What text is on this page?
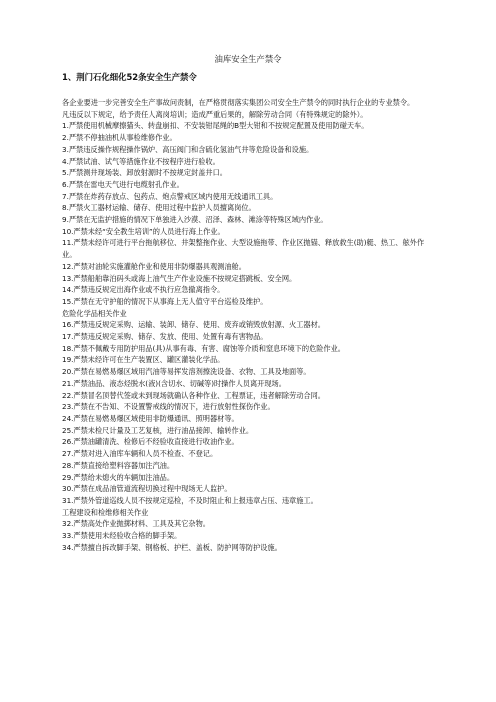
油库安全生产禁令
1、荆门石化细化52条安全生产禁令

各企业要进一步完善安全生产事故问责制，在严格贯彻落实集团公司安全生产禁令的同时执行企业的专业禁令。

凡违反以下规定，给予责任人离岗培训；造成严重后果的，解除劳动合同（有特殊规定的除外）。

1.严禁使用机械摩擦猫头、转盘崩扣、不安装钳尾绳的B型大钳和不按规定配置及使用防碰天车。

2.严禁不停抽油机从事检维修作业。

3.严禁违反操作规程操作锅炉、高压阀门和含硫化氢油气井等危险设备和设施。

4.严禁试油、试气等措施作业不按程序进行验收。

5.严禁测井现场装、卸放射源时不按规定封盖井口。

6.严禁在雷电天气进行电缆射孔作业。

7.严禁在炸药存放点、包药点、炮点警戒区域内使用无线通讯工具。

8.严禁火工器材运输、储存、使用过程中监护人员擅离岗位。

9.严禁在无监护措施的情况下单独进入沙漠、沼泽、森林、滩涂等特殊区域内作业。

10.严禁未经“安全教生培训”的人员进行海上作业。

11.严禁未经许可进行平台拖航移位、井架整拖作业、大型设施拖带、作业区抛锚、释放救生(助)艇、热工、舷外作业。

12.严禁对油轮实施灌舱作业和使用非防爆器具观测油舱。

13.严禁船舶靠泊码头或海上油气生产作业设施不按规定搭跳板、安全网。

14.严禁违反规定出海作业或不执行应急撤离指令。

15.严禁在无守护船的情况下从事海上无人值守平台巡检及维护。

危险化学品相关作业

16.严禁违反规定采购、运输、装卸、储存、使用、废弃或销毁放射源、火工器材。

17.严禁违反规定采购、储存、发放、使用、处置有毒有害物品。

18.严禁不佩戴专用防护用品(具)从事有毒、有害、腐蚀等介质和窒息环境下的危险作业。

19.严禁未经许可在生产装置区、罐区灌装化学品。

20.严禁在易燃易爆区域用汽油等易挥发溶剂擦洗设备、衣物、工具及地面等。

21.严禁油品、液态烃脱水(液)(含切水、切碱等)时操作人员离开现场。

22.严禁冒名顶替代签或未到现场就确认各种作业、工程票证，违者解除劳动合同。

23.严禁在不告知、不设置警戒线的情况下，进行放射性探伤作业。

24.严禁在易燃易爆区域使用非防爆通讯、照明器材等。

25.严禁未检尺计量及工艺复核，进行油品接卸、输转作业。

26.严禁油罐清洗、检修后不经验收直接进行收油作业。

27.严禁对进入油库车辆和人员不检查、不登记。

28.严禁直接给塑料容器加注汽油。

29.严禁给未熄火的车辆加注油品。

30.严禁在成品油管道流程切换过程中现场无人监护。

31.严禁外管道巡线人员不按规定巡检，不及时阻止和上报违章占压、违章施工。

工程建设和检维修相关作业

32.严禁高处作业抛掷材料、工具及其它杂物。

33.严禁使用未经验收合格的脚手架。

34.严禁擅自拆改脚手架、钢格板、护栏、盖板、防护网等防护设施。
